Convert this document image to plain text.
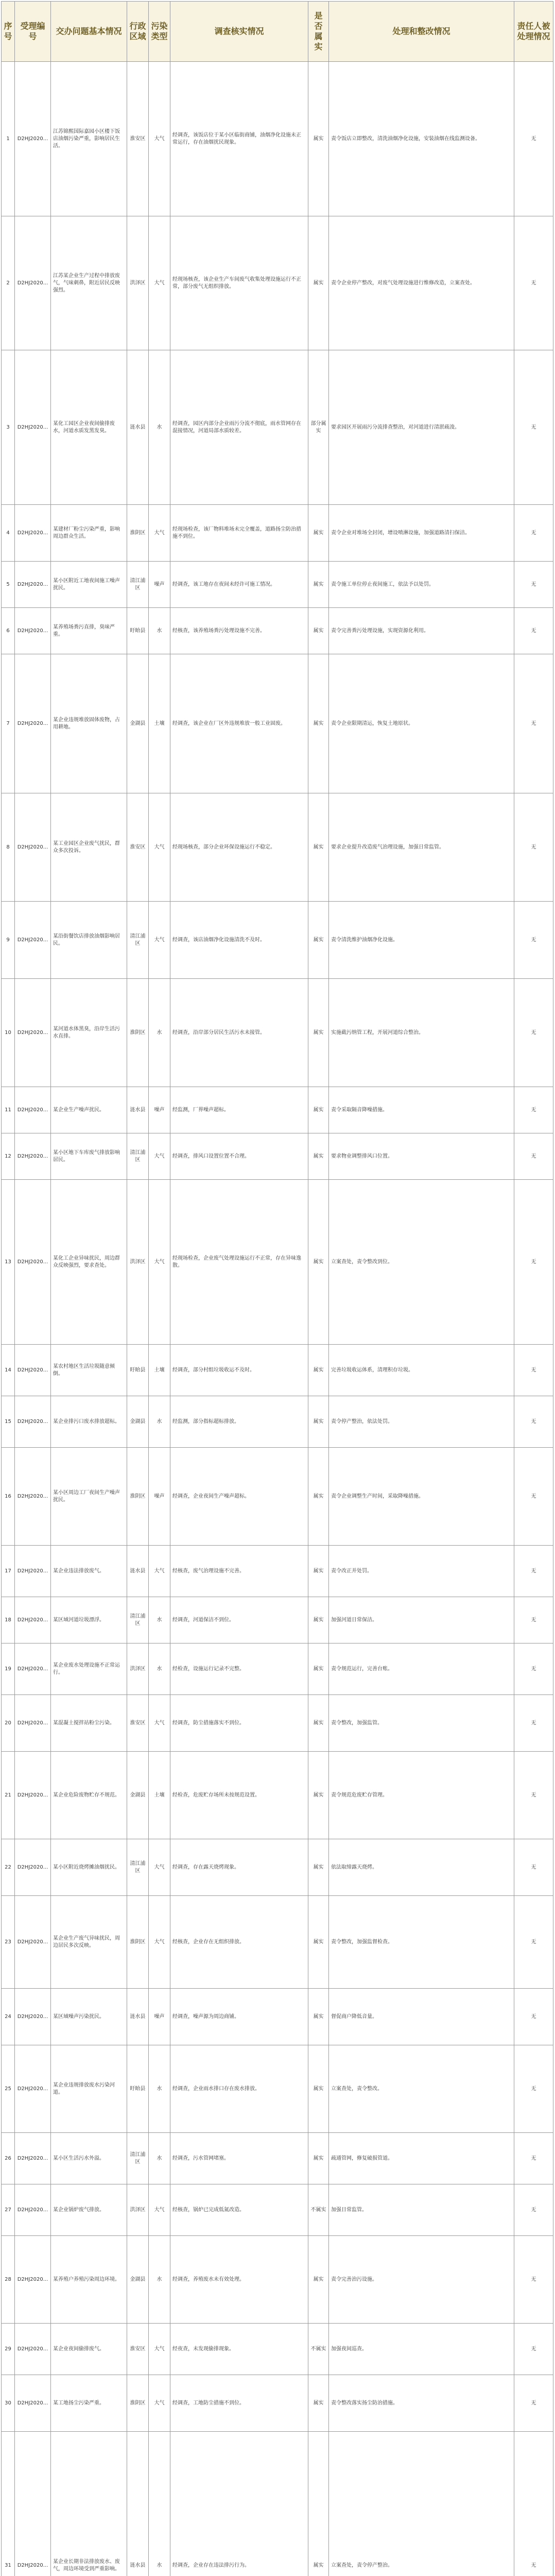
序号	受理编号	交办问题基本情况	行政区域	污染类型	调查核实情况	是否属实	处理和整改情况	责任人被处理情况
1	D2HJ2020...	江苏锦熙国际嘉园小区楼下饭店油烟污染严重，影响居民生活。	淮安区	大气	经调查，该饭店位于某小区临街商铺，油烟净化设施未正常运行，存在油烟扰民现象。	属实	责令饭店立即整改，清洗油烟净化设施，安装油烟在线监测设备。	无
2	D2HJ2020...	江苏某企业生产过程中排放废气，气味刺鼻，附近居民反映强烈。	洪泽区	大气	经现场核查，该企业生产车间废气收集处理设施运行不正常，部分废气无组织排放。	属实	责令企业停产整改，对废气处理设施进行维修改造，立案查处。	无
3	D2HJ2020...	某化工园区企业夜间偷排废水，河道水质发黑发臭。	涟水县	水	经调查，园区内部分企业雨污分流不彻底，雨水管网存在混接情况，河道局部水质较差。	部分属实	要求园区开展雨污分流排查整治，对河道进行清淤疏浚。	无
4	D2HJ2020...	某建材厂粉尘污染严重，影响周边群众生活。	淮阴区	大气	经现场检查，该厂物料堆场未完全覆盖，道路扬尘防治措施不到位。	属实	责令企业对堆场全封闭，增设喷淋设施，加强道路清扫保洁。	无
5	D2HJ2020...	某小区附近工地夜间施工噪声扰民。	清江浦区	噪声	经调查，该工地存在夜间未经许可施工情况。	属实	责令施工单位停止夜间施工，依法予以处罚。	无
6	D2HJ2020...	某养殖场粪污直排，臭味严重。	盱眙县	水	经核查，该养殖场粪污处理设施不完善。	属实	责令完善粪污处理设施，实现资源化利用。	无
7	D2HJ2020...	某企业违规堆放固体废物，占用耕地。	金湖县	土壤	经调查，该企业在厂区外违规堆放一般工业固废。	属实	责令企业限期清运，恢复土地原状。	无
8	D2HJ2020...	某工业园区企业废气扰民，群众多次投诉。	淮安区	大气	经现场核查，部分企业环保设施运行不稳定。	属实	要求企业提升改造废气治理设施，加强日常监管。	无
9	D2HJ2020...	某沿街餐饮店排放油烟影响居民。	清江浦区	大气	经调查，该店油烟净化设施清洗不及时。	属实	责令清洗维护油烟净化设施。	无
10	D2HJ2020...	某河道水体黑臭，沿岸生活污水直排。	淮阴区	水	经调查，沿岸部分居民生活污水未接管。	属实	实施截污纳管工程，开展河道综合整治。	无
11	D2HJ2020...	某企业生产噪声扰民。	涟水县	噪声	经监测，厂界噪声超标。	属实	责令采取隔音降噪措施。	无
12	D2HJ2020...	某小区地下车库废气排放影响居民。	清江浦区	大气	经调查，排风口设置位置不合理。	属实	要求物业调整排风口位置。	无
13	D2HJ2020...	某化工企业异味扰民，周边群众反映强烈，要求查处。	洪泽区	大气	经现场检查，企业废气处理设施运行不正常，存在异味逸散。	属实	立案查处，责令整改到位。	无
14	D2HJ2020...	某农村地区生活垃圾随意倾倒。	盱眙县	土壤	经调查，部分村组垃圾收运不及时。	属实	完善垃圾收运体系，清理积存垃圾。	无
15	D2HJ2020...	某企业排污口废水排放超标。	金湖县	水	经监测，部分指标超标排放。	属实	责令停产整治，依法处罚。	无
16	D2HJ2020...	某小区周边工厂夜间生产噪声扰民。	淮阴区	噪声	经调查，企业夜间生产噪声超标。	属实	责令企业调整生产时间，采取降噪措施。	无
17	D2HJ2020...	某企业违法排放废气。	涟水县	大气	经核查，废气治理设施不完善。	属实	责令改正并处罚。	无
18	D2HJ2020...	某区域河道垃圾漂浮。	清江浦区	水	经调查，河道保洁不到位。	属实	加强河道日常保洁。	无
19	D2HJ2020...	某企业废水处理设施不正常运行。	洪泽区	水	经检查，设施运行记录不完整。	属实	责令规范运行，完善台账。	无
20	D2HJ2020...	某混凝土搅拌站粉尘污染。	淮安区	大气	经调查，防尘措施落实不到位。	属实	责令整改，加强监管。	无
21	D2HJ2020...	某企业危险废物贮存不规范。	金湖县	土壤	经检查，危废贮存场所未按规范设置。	属实	责令规范危废贮存管理。	无
22	D2HJ2020...	某小区附近烧烤摊油烟扰民。	清江浦区	大气	经调查，存在露天烧烤现象。	属实	依法取缔露天烧烤。	无
23	D2HJ2020...	某企业生产废气异味扰民，周边居民多次反映。	淮阴区	大气	经核查，企业存在无组织排放。	属实	责令整改，加强监督检查。	无
24	D2HJ2020...	某区域噪声污染扰民。	涟水县	噪声	经调查，噪声源为周边商铺。	属实	督促商户降低音量。	无
25	D2HJ2020...	某企业违规排放废水污染河道。	盱眙县	水	经调查，企业雨水排口存在废水排放。	属实	立案查处，责令整改。	无
26	D2HJ2020...	某小区生活污水外溢。	清江浦区	水	经调查，污水管网堵塞。	属实	疏通管网，修复破损管道。	无
27	D2HJ2020...	某企业锅炉废气排放。	洪泽区	大气	经核查，锅炉已完成低氮改造。	不属实	加强日常监管。	无
28	D2HJ2020...	某养殖户养殖污染周边环境。	金湖县	水	经调查，养殖废水未有效处理。	属实	责令完善治污设施。	无
29	D2HJ2020...	某企业夜间偷排废气。	淮安区	大气	经夜查，未发现偷排现象。	不属实	加强夜间巡查。	无
30	D2HJ2020...	某工地扬尘污染严重。	淮阴区	大气	经调查，工地防尘措施不到位。	属实	责令整改落实扬尘防治措施。	无
31	D2HJ2020...	某企业长期非法排放废水、废气，周边环境受到严重影响。	涟水县	水	经调查，企业存在违法排污行为。	属实	立案查处，责令停产整治。	无
